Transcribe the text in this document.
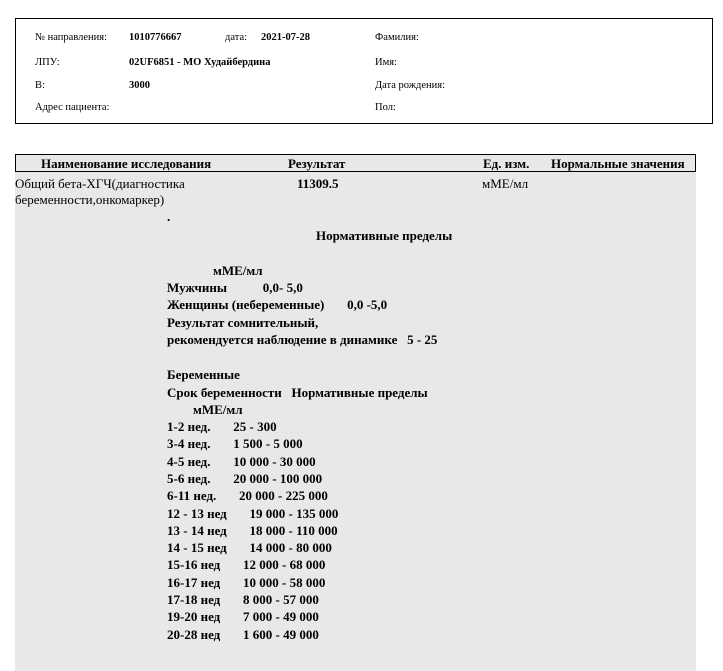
№ направления: 1010776667	дата: 2021-07-28	Фамилия:
ЛПУ:	02UF6851 - МО Худайбердина	Имя:
В:	3000	Дата рождения:
Адрес пациента:	Пол:
Наименование исследования	Результат	Ед. изм. Нормальные значения
Общий бета-ХГЧ(диагностика
беременности,онкомаркер)
11309.5	мМЕ/мл
.
Нормативные пределы
мМЕ/мл
Мужчины           0,0- 5,0
Женщины (небеременные)       0,0 -5,0
Результат сомнительный,
рекомендуется наблюдение в динамике   5 - 25
Беременные
Срок беременности   Нормативные пределы
мМЕ/мл
1-2 нед.       25 - 300
3-4 нед.       1 500 - 5 000
4-5 нед.       10 000 - 30 000
5-6 нед.       20 000 - 100 000
6-11 нед.       20 000 - 225 000
12 - 13 нед       19 000 - 135 000
13 - 14 нед       18 000 - 110 000
14 - 15 нед       14 000 - 80 000
15-16 нед       12 000 - 68 000
16-17 нед       10 000 - 58 000
17-18 нед       8 000 - 57 000
19-20 нед       7 000 - 49 000
20-28 нед       1 600 - 49 000
